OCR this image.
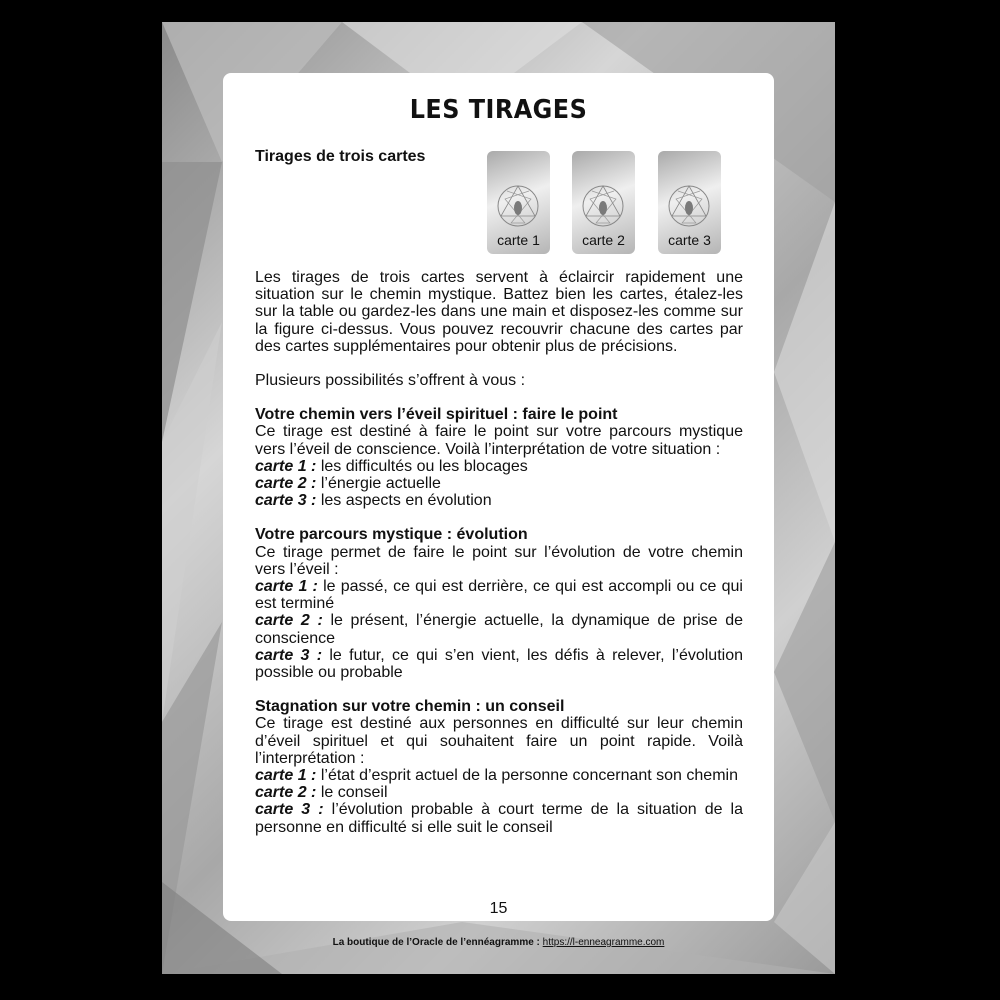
LES TIRAGES
Tirages de trois cartes
carte 1	carte 2	carte 3

Les tirages de trois cartes servent à éclaircir rapidement une situation sur le chemin mystique. Battez bien les cartes, étalez-les sur la table ou gardez-les dans une main et disposez-les comme sur la figure ci-dessus. Vous pouvez recouvrir chacune des cartes par des cartes supplémentaires pour obtenir plus de précisions.

Plusieurs possibilités s’offrent à vous :

Votre chemin vers l’éveil spirituel : faire le point

Ce tirage est destiné à faire le point sur votre parcours mystique vers l’éveil de conscience. Voilà l’interprétation de votre situation :

carte 1 : les difficultés ou les blocages

carte 2 : l’énergie actuelle

carte 3 : les aspects en évolution

Votre parcours mystique : évolution

Ce tirage permet de faire le point sur l’évolution de votre chemin vers l’éveil :

carte 1 : le passé, ce qui est derrière, ce qui est accompli ou ce qui est terminé

carte 2 : le présent, l’énergie actuelle, la dynamique de prise de conscience

carte 3 : le futur, ce qui s’en vient, les défis à relever, l’évolution possible ou probable

Stagnation sur votre chemin : un conseil

Ce tirage est destiné aux personnes en difficulté sur leur chemin d’éveil spirituel et qui souhaitent faire un point rapide. Voilà l’interprétation :

carte 1 : l’état d’esprit actuel de la personne concernant son chemin

carte 2 : le conseil

carte 3 : l’évolution probable à court terme de la situation de la personne en difficulté si elle suit le conseil

15
La boutique de l’Oracle de l’ennéagramme : https://l-enneagramme.com
